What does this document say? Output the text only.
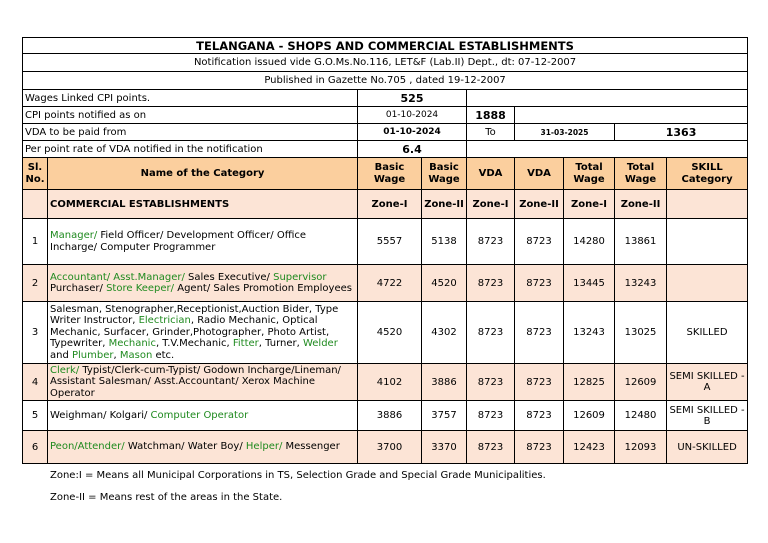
TELANGANA - SHOPS AND COMMERCIAL ESTABLISHMENTS								
Notification issued vide G.O.Ms.No.116, LET&F (Lab.II) Dept., dt: 07-12-2007								
Published in Gazette No.705 , dated 19-12-2007								
Wages Linked CPI points.		525						
CPI points notified as on		01-10-2024		1888				
VDA to be paid from		01-10-2024		To	31-03-2025		1363	
Per point rate of VDA notified in the notification		6.4						
Sl. No.	Name of the Category	Basic Wage	Basic Wage	VDA	VDA	Total Wage	Total Wage	SKILL Category
	COMMERCIAL ESTABLISHMENTS	Zone-I	Zone-II	Zone-I	Zone-II	Zone-I	Zone-II	
1	Manager/ Field Officer/ Development Officer/ Office Incharge/ Computer Programmer	5557	5138	8723	8723	14280	13861	
2	Accountant/ Asst.Manager/ Sales Executive/ Supervisor Purchaser/ Store Keeper/ Agent/ Sales Promotion Employees	4722	4520	8723	8723	13445	13243	
3	Salesman, Stenographer,Receptionist,Auction Bider, Type Writer Instructor, Electrician, Radio Mechanic, Optical Mechanic, Surfacer, Grinder,Photographer, Photo Artist, Typewriter, Mechanic, T.V.Mechanic, Fitter, Turner, Welder and Plumber, Mason etc.	4520	4302	8723	8723	13243	13025	SKILLED
4	Clerk/ Typist/Clerk-cum-Typist/ Godown Incharge/Lineman/ Assistant Salesman/ Asst.Accountant/ Xerox Machine Operator	4102	3886	8723	8723	12825	12609	SEMI SKILLED - A
5	Weighman/ Kolgari/ Computer Operator	3886	3757	8723	8723	12609	12480	SEMI SKILLED - B
6	Peon/Attender/ Watchman/ Water Boy/ Helper/ Messenger	3700	3370	8723	8723	12423	12093	UN-SKILLED
Zone:I = Means all Municipal Corporations in TS, Selection Grade and Special Grade Municipalities.
Zone-II = Means rest of the areas in the State.
